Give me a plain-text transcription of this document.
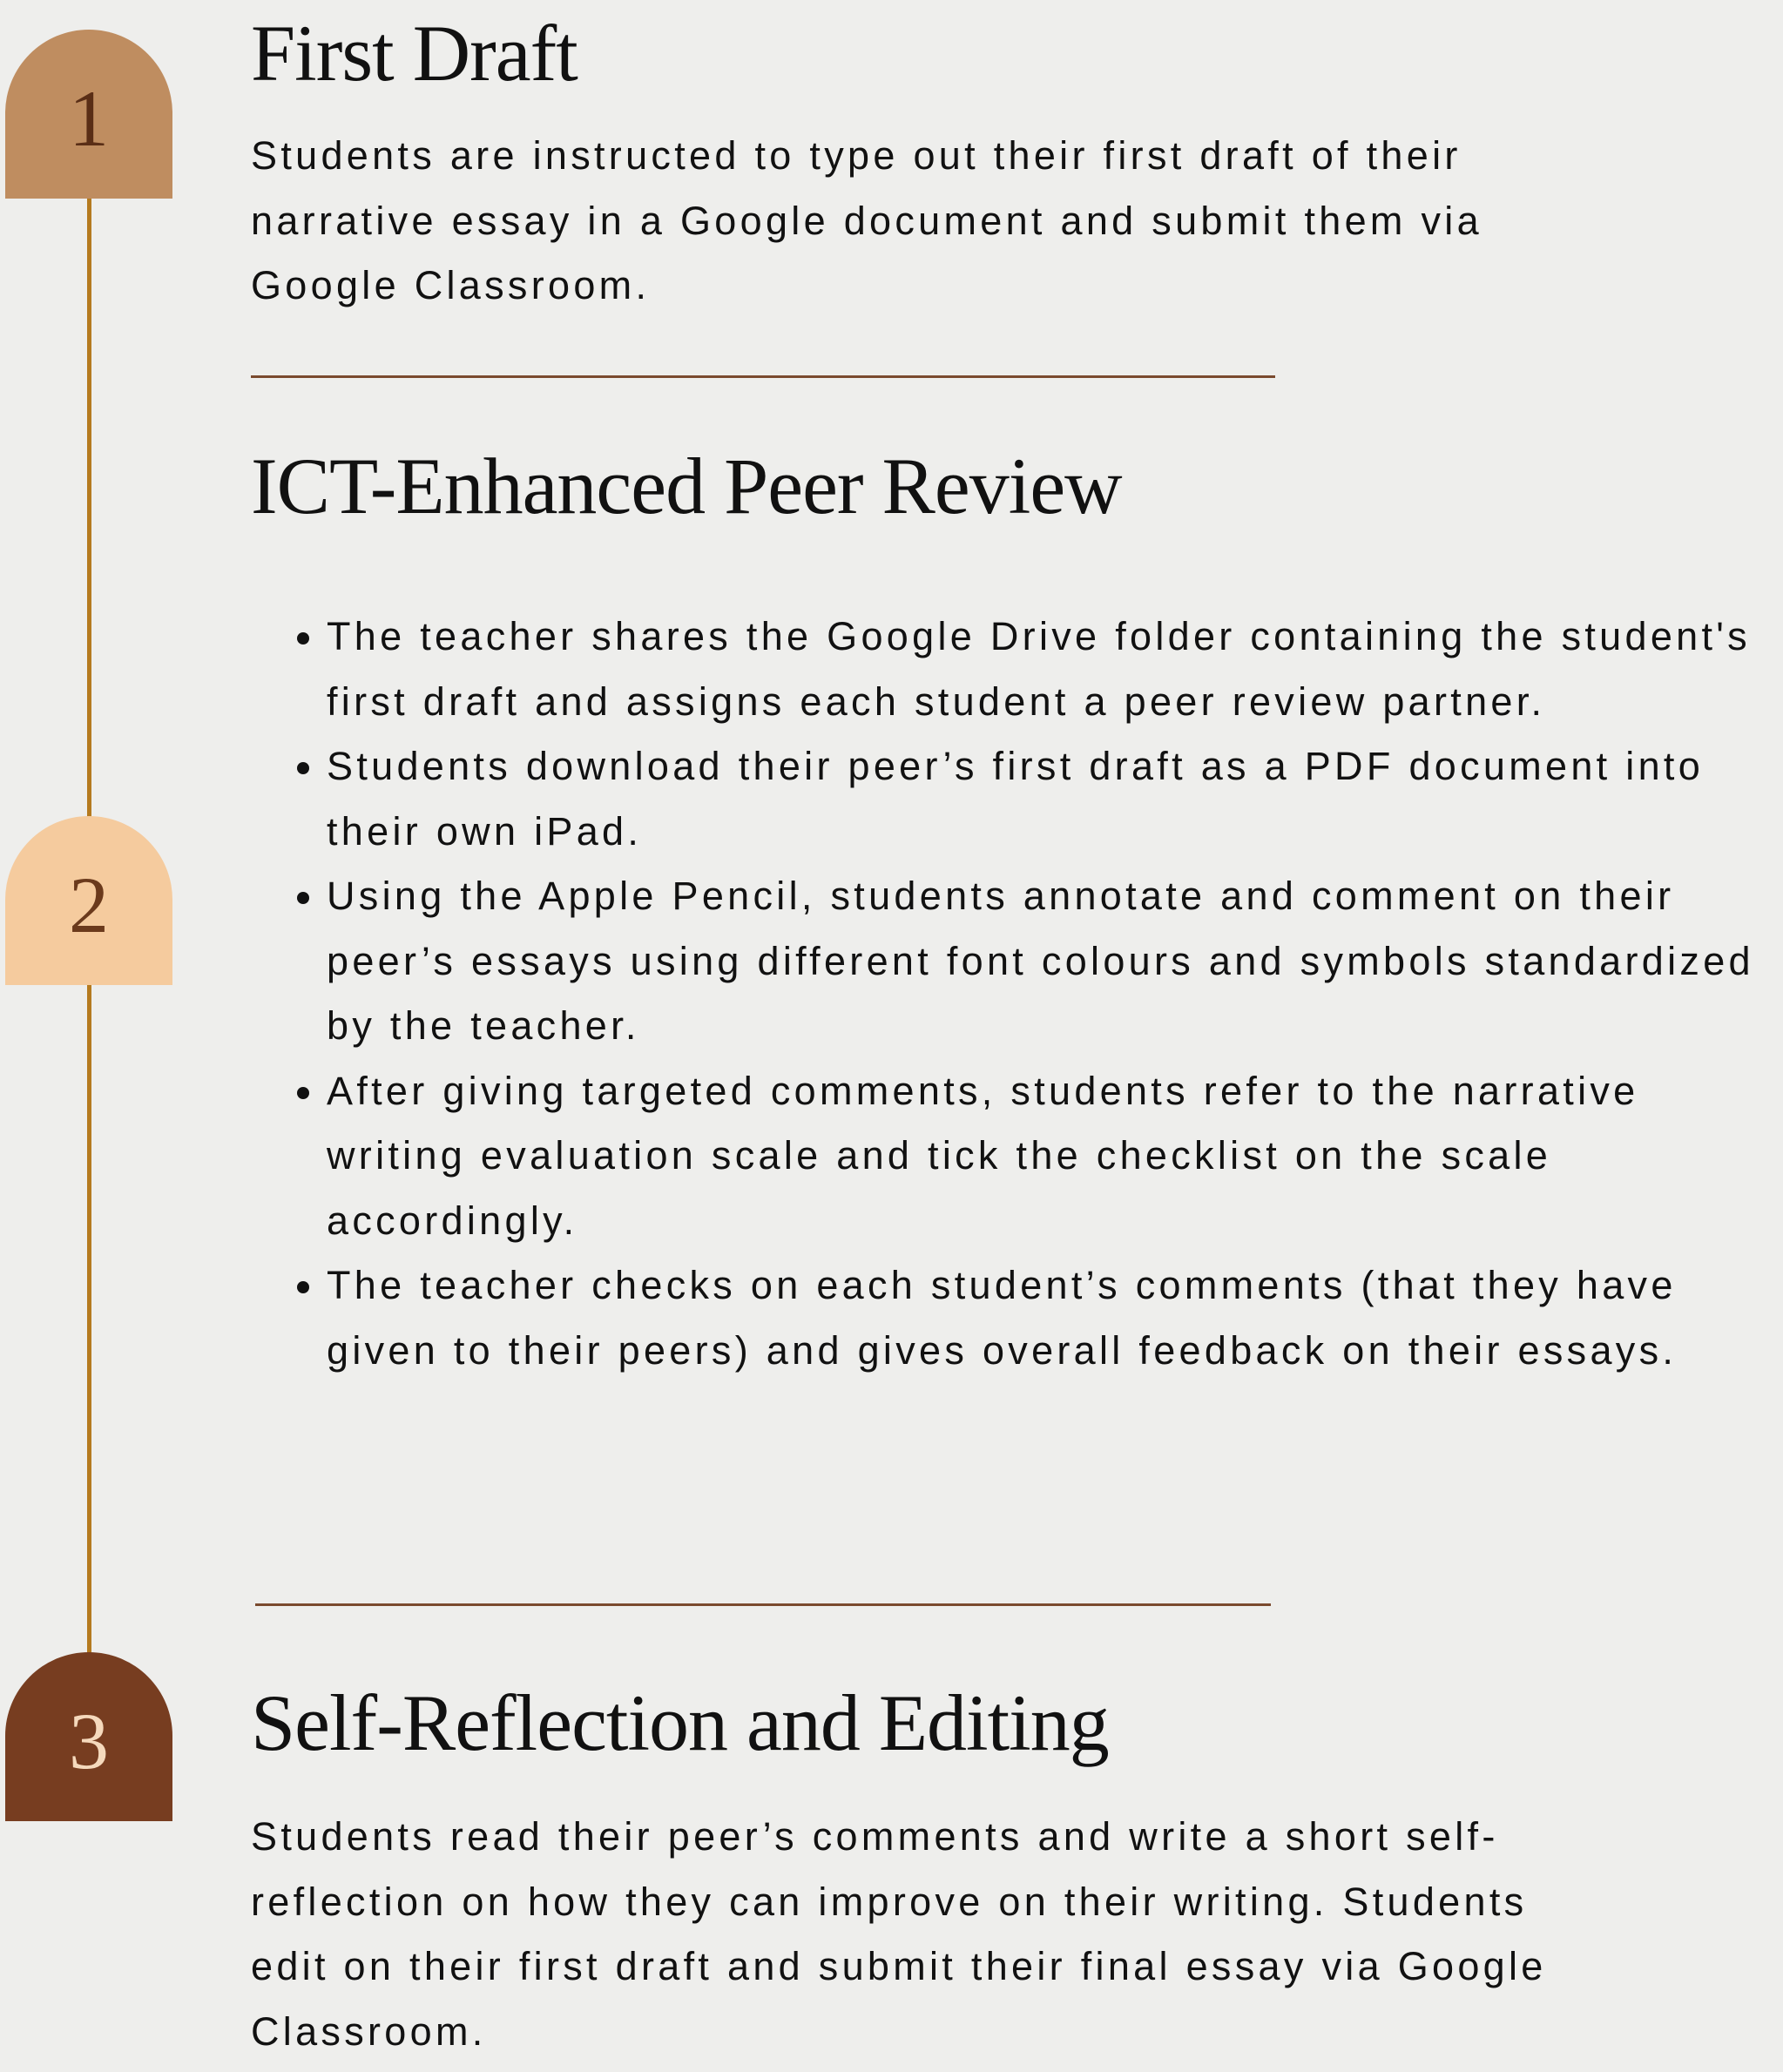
1
2
3
First Draft

Students are instructed to type out their first draft of their
narrative essay in a Google document and submit them via
Google Classroom.

ICT-Enhanced Peer Review
• The teacher shares the Google Drive folder containing the student's first draft and assigns each student a peer review partner.
• Students download their peer’s first draft as a PDF document into their own iPad.
• Using the Apple Pencil, students annotate and comment on their peer’s essays using different font colours and symbols standardized by the teacher.
• After giving targeted comments, students refer to the narrative writing evaluation scale and tick the checklist on the scale accordingly.
• The teacher checks on each student’s comments (that they have given to their peers) and gives overall feedback on their essays.
Self-Reflection and Editing

Students read their peer’s comments and write a short self-
reflection on how they can improve on their writing. Students
edit on their first draft and submit their final essay via Google
Classroom.
